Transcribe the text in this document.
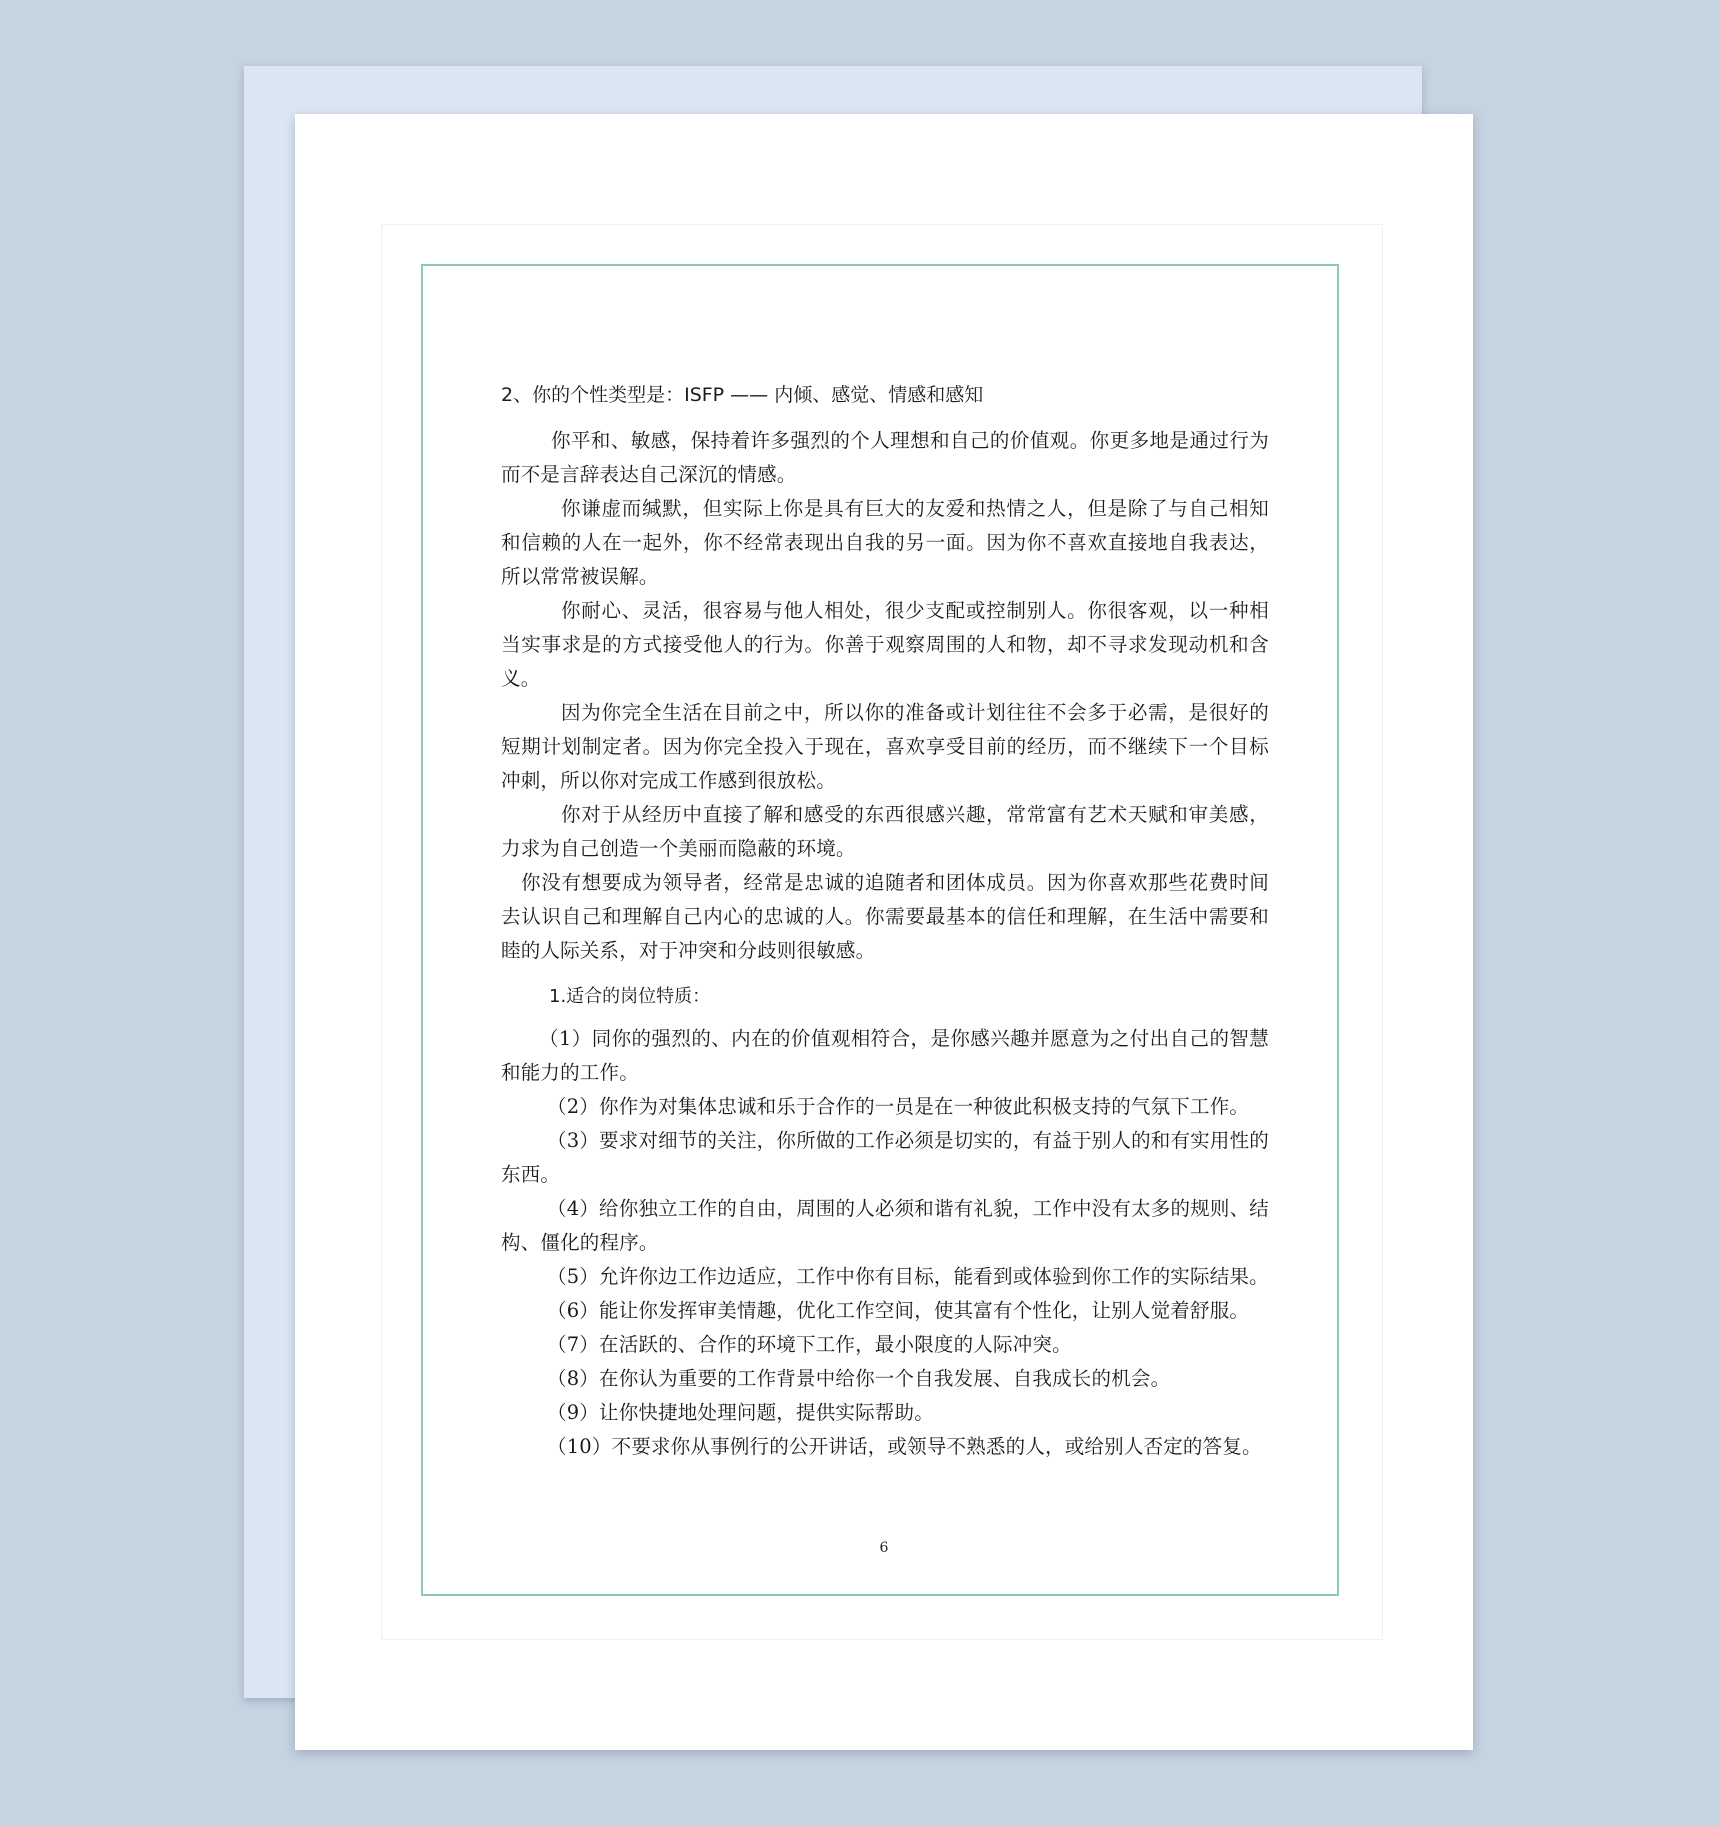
2、你的个性类型是：ISFP —— 内倾、感觉、情感和感知

你平和、敏感，保持着许多强烈的个人理想和自己的价值观。你更多地是通过行为而不是言辞表达自己深沉的情感。

你谦虚而缄默，但实际上你是具有巨大的友爱和热情之人，但是除了与自己相知和信赖的人在一起外，你不经常表现出自我的另一面。因为你不喜欢直接地自我表达，所以常常被误解。

你耐心、灵活，很容易与他人相处，很少支配或控制别人。你很客观，以一种相当实事求是的方式接受他人的行为。你善于观察周围的人和物，却不寻求发现动机和含义。

因为你完全生活在目前之中，所以你的准备或计划往往不会多于必需，是很好的短期计划制定者。因为你完全投入于现在，喜欢享受目前的经历，而不继续下一个目标冲刺，所以你对完成工作感到很放松。

你对于从经历中直接了解和感受的东西很感兴趣，常常富有艺术天赋和审美感，力求为自己创造一个美丽而隐蔽的环境。

你没有想要成为领导者，经常是忠诚的追随者和团体成员。因为你喜欢那些花费时间去认识自己和理解自己内心的忠诚的人。你需要最基本的信任和理解，在生活中需要和睦的人际关系，对于冲突和分歧则很敏感。

1.适合的岗位特质：

（1）同你的强烈的、内在的价值观相符合，是你感兴趣并愿意为之付出自己的智慧和能力的工作。

（2）你作为对集体忠诚和乐于合作的一员是在一种彼此积极支持的气氛下工作。

（3）要求对细节的关注，你所做的工作必须是切实的，有益于别人的和有实用性的东西。

（4）给你独立工作的自由，周围的人必须和谐有礼貌，工作中没有太多的规则、结构、僵化的程序。

（5）允许你边工作边适应，工作中你有目标，能看到或体验到你工作的实际结果。

（6）能让你发挥审美情趣，优化工作空间，使其富有个性化，让别人觉着舒服。

（7）在活跃的、合作的环境下工作，最小限度的人际冲突。

（8）在你认为重要的工作背景中给你一个自我发展、自我成长的机会。

（9）让你快捷地处理问题，提供实际帮助。

（10）不要求你从事例行的公开讲话，或领导不熟悉的人，或给别人否定的答复。

6
